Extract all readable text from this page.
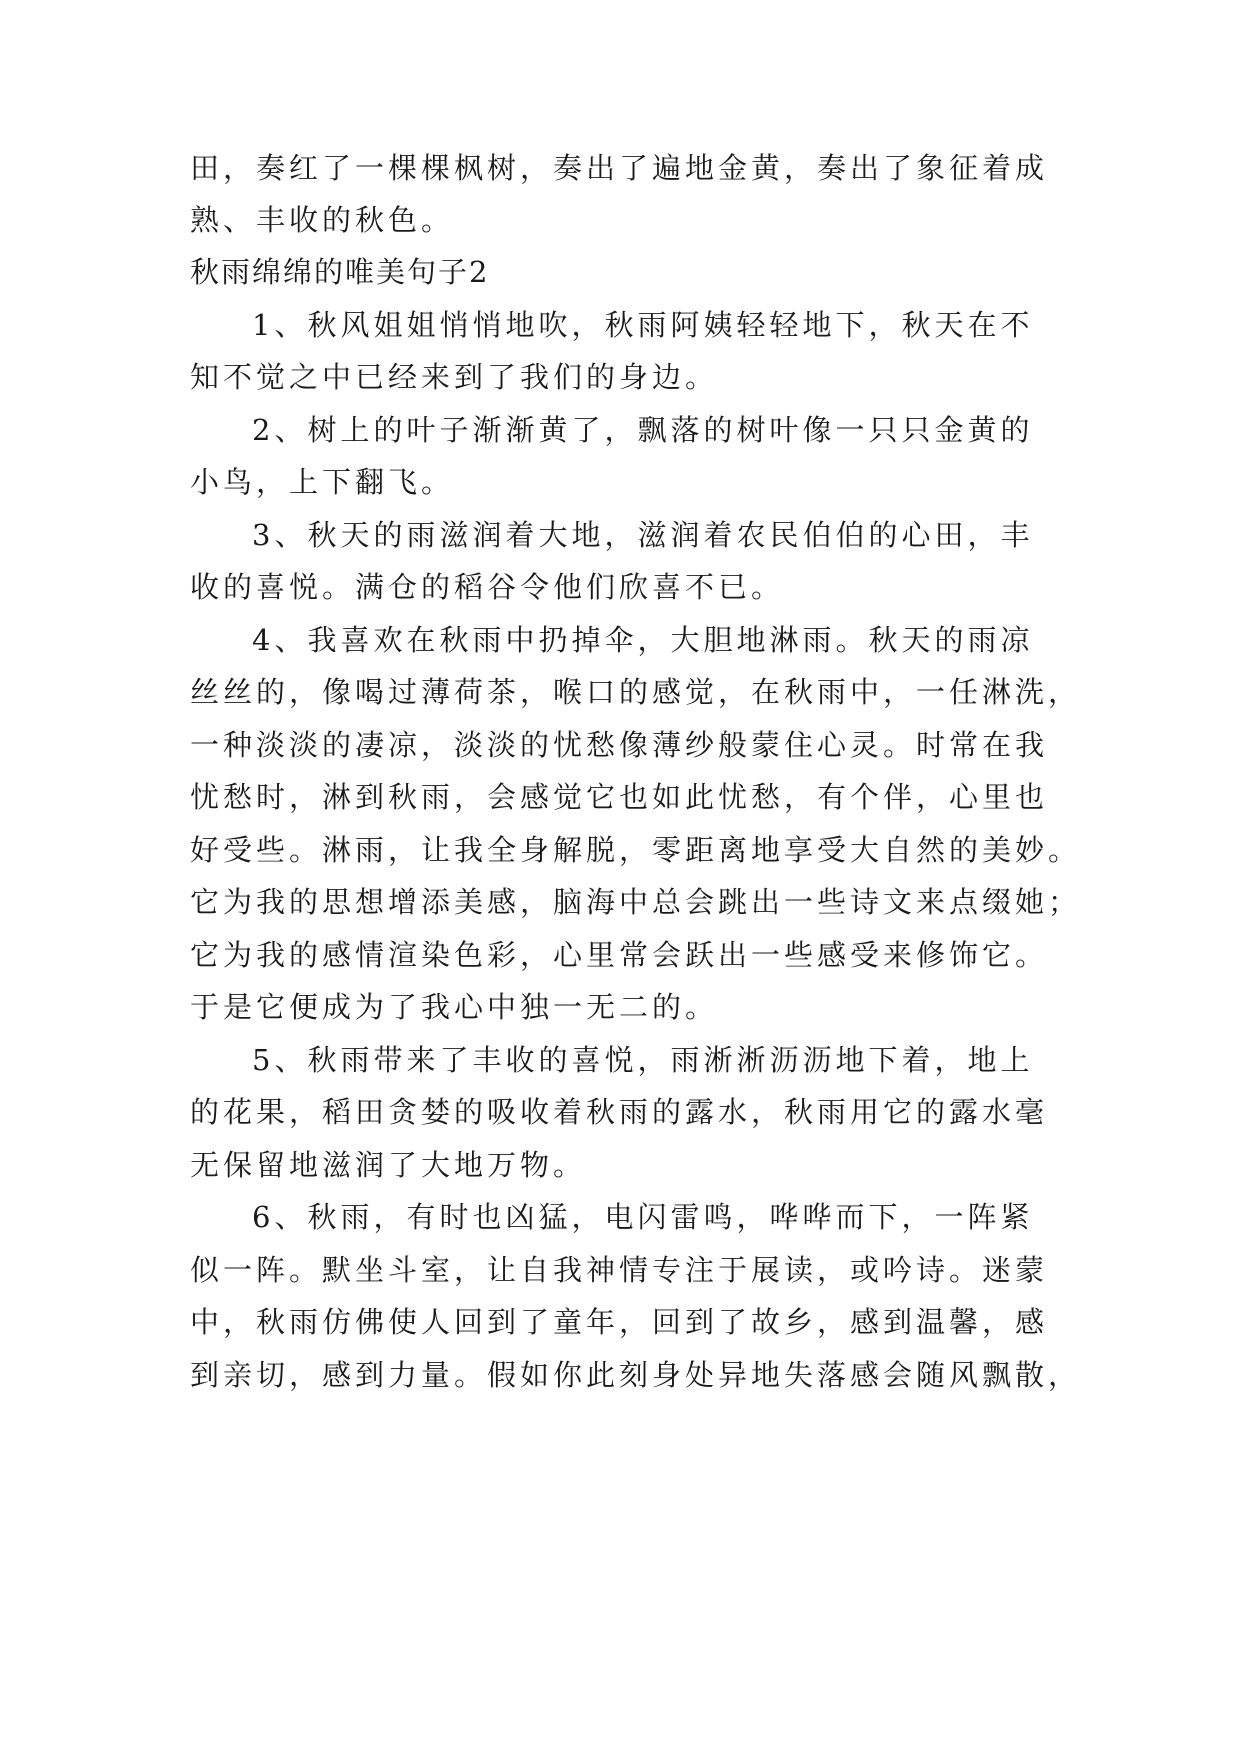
田，奏红了一棵棵枫树，奏出了遍地金黄，奏出了象征着成
熟、丰收的秋色。
秋雨绵绵的唯美句子2
1、秋风姐姐悄悄地吹，秋雨阿姨轻轻地下，秋天在不
知不觉之中已经来到了我们的身边。
2、树上的叶子渐渐黄了，飘落的树叶像一只只金黄的
小鸟，上下翻飞。
3、秋天的雨滋润着大地，滋润着农民伯伯的心田，丰
收的喜悦。满仓的稻谷令他们欣喜不已。
4、我喜欢在秋雨中扔掉伞，大胆地淋雨。秋天的雨凉
丝丝的，像喝过薄荷茶，喉口的感觉，在秋雨中，一任淋洗，
一种淡淡的凄凉，淡淡的忧愁像薄纱般蒙住心灵。时常在我
忧愁时，淋到秋雨，会感觉它也如此忧愁，有个伴，心里也
好受些。淋雨，让我全身解脱，零距离地享受大自然的美妙。
它为我的思想增添美感，脑海中总会跳出一些诗文来点缀她；
它为我的感情渲染色彩，心里常会跃出一些感受来修饰它。
于是它便成为了我心中独一无二的。
5、秋雨带来了丰收的喜悦，雨淅淅沥沥地下着，地上
的花果，稻田贪婪的吸收着秋雨的露水，秋雨用它的露水毫
无保留地滋润了大地万物。
6、秋雨，有时也凶猛，电闪雷鸣，哗哗而下，一阵紧
似一阵。默坐斗室，让自我神情专注于展读，或吟诗。迷蒙
中，秋雨仿佛使人回到了童年，回到了故乡，感到温馨，感
到亲切，感到力量。假如你此刻身处异地失落感会随风飘散，
